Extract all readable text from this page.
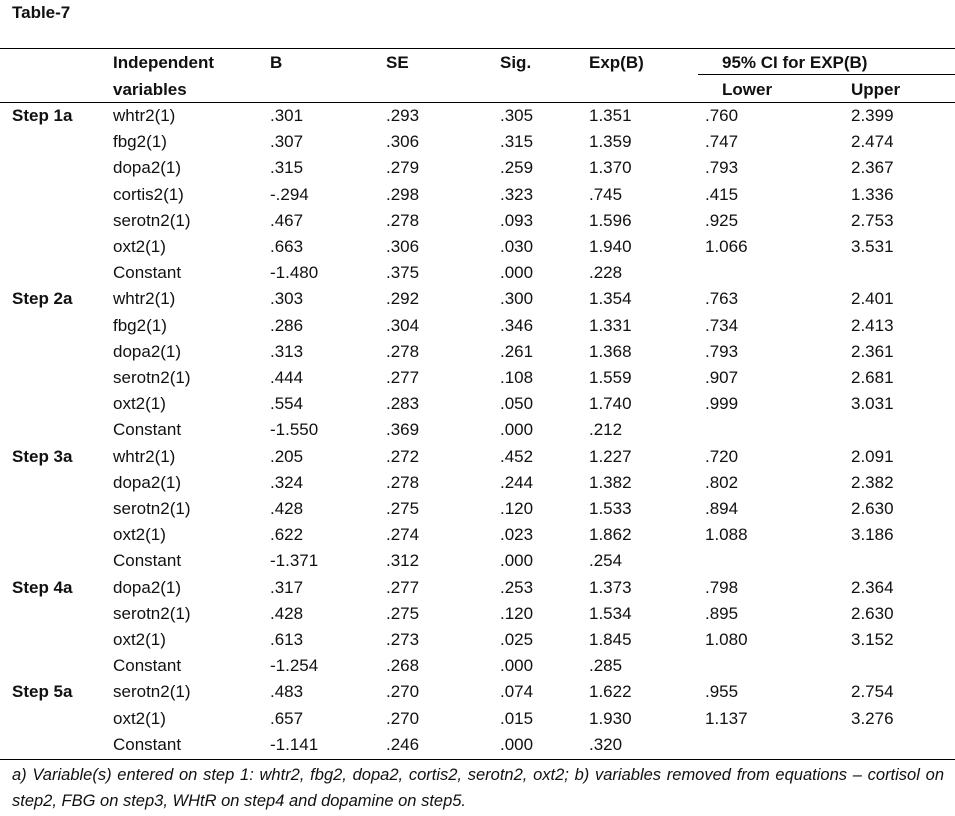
Table-7
Independent
variables
B	SE	Sig.	Exp(B)	95% CI for EXP(B)
Lower	Upper
Step 1a whtr2(1)	.301	.293	.305	1.351	.760	2.399
fbg2(1)	.307	.306	.315	1.359	.747	2.474
dopa2(1)	.315	.279	.259	1.370	.793	2.367
cortis2(1)	-.294	.298	.323	.745	.415	1.336
serotn2(1)	.467	.278	.093	1.596	.925	2.753
oxt2(1)	.663	.306	.030	1.940	1.066	3.531
Constant	-1.480	.375	.000	.228
Step 2a whtr2(1)	.303	.292	.300	1.354	.763	2.401
fbg2(1)	.286	.304	.346	1.331	.734	2.413
dopa2(1)	.313	.278	.261	1.368	.793	2.361
serotn2(1)	.444	.277	.108	1.559	.907	2.681
oxt2(1)	.554	.283	.050	1.740	.999	3.031
Constant	-1.550	.369	.000	.212
Step 3a whtr2(1)	.205	.272	.452	1.227	.720	2.091
dopa2(1)	.324	.278	.244	1.382	.802	2.382
serotn2(1)	.428	.275	.120	1.533	.894	2.630
oxt2(1)	.622	.274	.023	1.862	1.088	3.186
Constant	-1.371	.312	.000	.254
Step 4a dopa2(1)	.317	.277	.253	1.373	.798	2.364
serotn2(1)	.428	.275	.120	1.534	.895	2.630
oxt2(1)	.613	.273	.025	1.845	1.080	3.152
Constant	-1.254	.268	.000	.285
Step 5a serotn2(1)	.483	.270	.074	1.622	.955	2.754
oxt2(1)	.657	.270	.015	1.930	1.137	3.276
Constant	-1.141	.246	.000	.320
a) Variable(s) entered on step 1: whtr2, fbg2, dopa2, cortis2, serotn2, oxt2; b) variables removed from equations – cortisol on step2, FBG on step3, WHtR on step4 and dopamine on step5.
